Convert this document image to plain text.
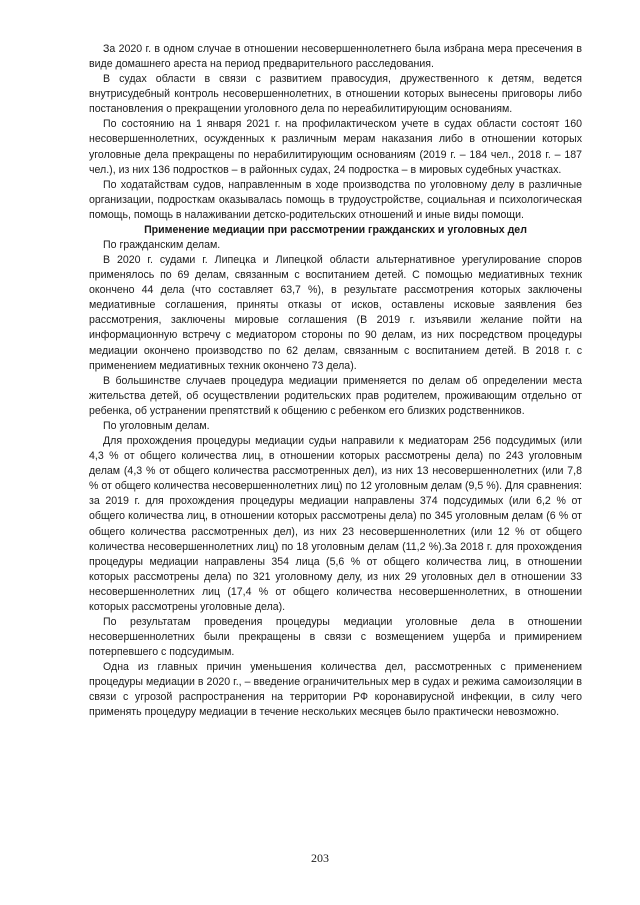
За 2020 г. в одном случае в отношении несовершеннолетнего была избрана мера пресечения в виде домашнего ареста на период предварительного расследования.

В судах области в связи с развитием правосудия, дружественного к детям, ведется внутрисудебный контроль несовершеннолетних, в отношении которых вынесены приговоры либо постановления о прекращении уголовного дела по нереабилитирующим основаниям.

По состоянию на 1 января 2021 г. на профилактическом учете в судах области состоят 160 несовершеннолетних, осужденных к различным мерам наказания либо в отношении которых уголовные дела прекращены по нерабилитирующим основаниям (2019 г. – 184 чел., 2018 г. – 187 чел.), из них 136 подростков – в районных судах, 24 подростка – в мировых судебных участках.

По ходатайствам судов, направленным в ходе производства по уголовному делу в различные организации, подросткам оказывалась помощь в трудоустройстве, социальная и психологическая помощь, помощь в налаживании детско-родительских отношений и иные виды помощи.

Применение медиации при рассмотрении гражданских и уголовных дел

По гражданским делам.

В 2020 г. судами г. Липецка и Липецкой области альтернативное урегулирование споров применялось по 69 делам, связанным с воспитанием детей. С помощью медиативных техник окончено 44 дела (что составляет 63,7 %), в результате рассмотрения которых заключены медиативные соглашения, приняты отказы от исков, оставлены исковые заявления без рассмотрения, заключены мировые соглашения (В 2019 г. изъявили желание пойти на информационную встречу с медиатором стороны по 90 делам, из них посредством процедуры медиации окончено производство по 62 делам, связанным с воспитанием детей. В 2018 г. с применением медиативных техник окончено 73 дела).

В большинстве случаев процедура медиации применяется по делам об определении места жительства детей, об осуществлении родительских прав родителем, проживающим отдельно от ребенка, об устранении препятствий к общению с ребенком его близких родственников.

По уголовным делам.

Для прохождения процедуры медиации судьи направили к медиаторам 256 подсудимых (или 4,3 % от общего количества лиц, в отношении которых рассмотрены дела) по 243 уголовным делам (4,3 % от общего количества рассмотренных дел), из них 13 несовершеннолетних (или 7,8 % от общего количества несовершеннолетних лиц) по 12 уголовным делам (9,5 %). Для сравнения: за 2019 г. для прохождения процедуры медиации направлены 374 подсудимых (или 6,2 % от общего количества лиц, в отношении которых рассмотрены дела) по 345 уголовным делам (6 % от общего количества рассмотренных дел), из них 23 несовершеннолетних (или 12 % от общего количества несовершеннолетних лиц) по 18 уголовным делам (11,2 %).За 2018 г. для прохождения процедуры медиации направлены 354 лица (5,6 % от общего количества лиц, в отношении которых рассмотрены дела) по 321 уголовному делу, из них 29 уголовных дел в отношении 33 несовершеннолетних лиц (17,4 % от общего количества несовершеннолетних, в отношении которых рассмотрены уголовные дела).

По результатам проведения процедуры медиации уголовные дела в отношении несовершеннолетних были прекращены в связи с возмещением ущерба и примирением потерпевшего с подсудимым.

Одна из главных причин уменьшения количества дел, рассмотренных с применением процедуры медиации в 2020 г., – введение ограничительных мер в судах и режима самоизоляции в связи с угрозой распространения на территории РФ коронавирусной инфекции, в силу чего применять процедуру медиации в течение нескольких месяцев было практически невозможно.

203
